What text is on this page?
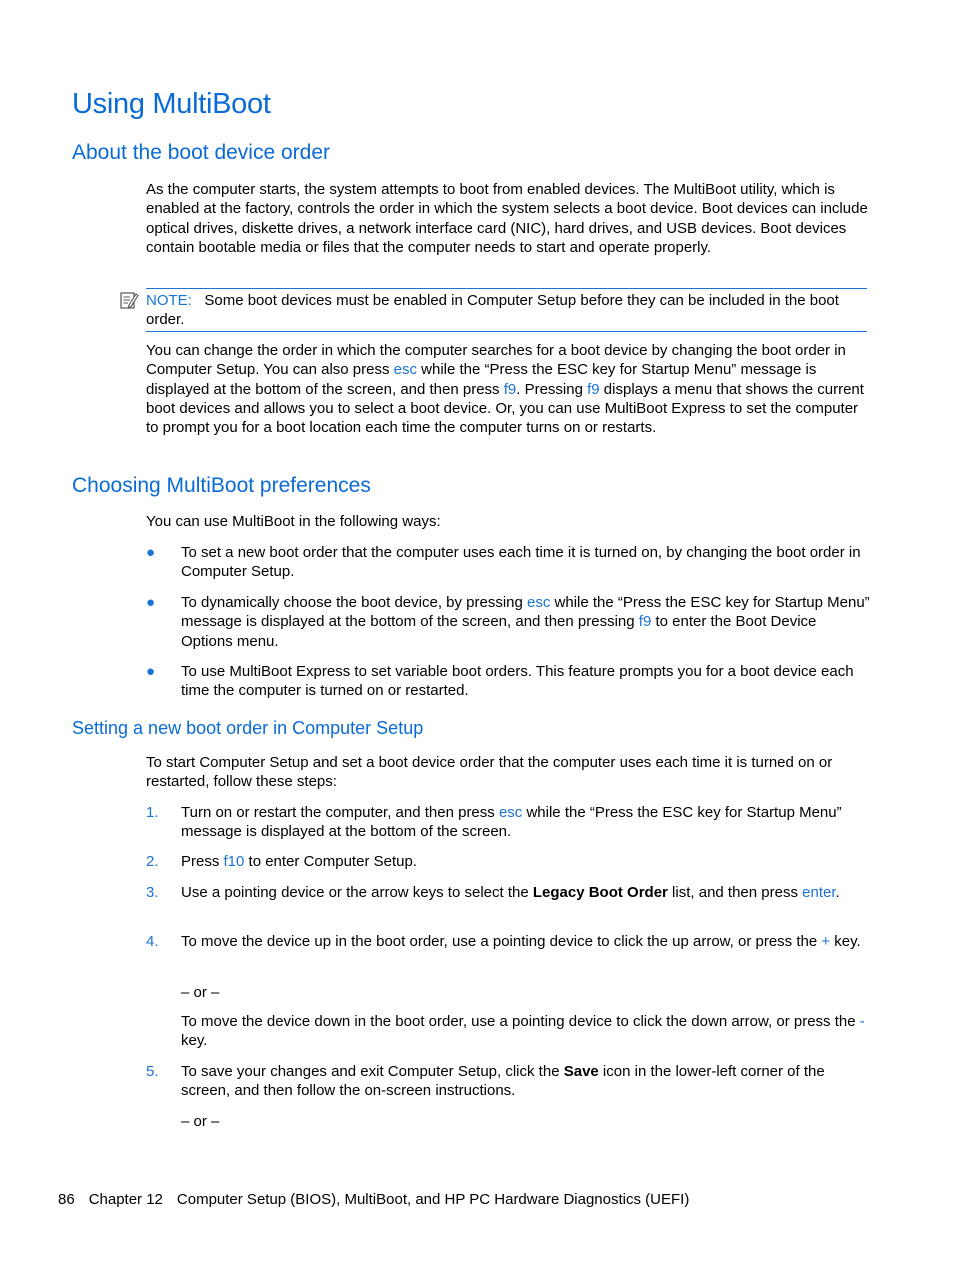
Using MultiBoot
About the boot device order

As the computer starts, the system attempts to boot from enabled devices. The MultiBoot utility, which is enabled at the factory, controls the order in which the system selects a boot device. Boot devices can include optical drives, diskette drives, a network interface card (NIC), hard drives, and USB devices. Boot devices contain bootable media or files that the computer needs to start and operate properly.

NOTE: Some boot devices must be enabled in Computer Setup before they can be included in the boot order.

You can change the order in which the computer searches for a boot device by changing the boot order in Computer Setup. You can also press esc while the “Press the ESC key for Startup Menu” message is displayed at the bottom of the screen, and then press f9. Pressing f9 displays a menu that shows the current boot devices and allows you to select a boot device. Or, you can use MultiBoot Express to set the computer to prompt you for a boot location each time the computer turns on or restarts.

Choosing MultiBoot preferences

You can use MultiBoot in the following ways:

● To set a new boot order that the computer uses each time it is turned on, by changing the boot order in Computer Setup.

● To dynamically choose the boot device, by pressing esc while the “Press the ESC key for Startup Menu” message is displayed at the bottom of the screen, and then pressing f9 to enter the Boot Device Options menu.

● To use MultiBoot Express to set variable boot orders. This feature prompts you for a boot device each time the computer is turned on or restarted.

Setting a new boot order in Computer Setup

To start Computer Setup and set a boot device order that the computer uses each time it is turned on or restarted, follow these steps:

1. Turn on or restart the computer, and then press esc while the “Press the ESC key for Startup Menu” message is displayed at the bottom of the screen.

2. Press f10 to enter Computer Setup.

3. Use a pointing device or the arrow keys to select the Legacy Boot Order list, and then press enter.

4. To move the device up in the boot order, use a pointing device to click the up arrow, or press the + key.

– or –

To move the device down in the boot order, use a pointing device to click the down arrow, or press the - key.

5. To save your changes and exit Computer Setup, click the Save icon in the lower-left corner of the screen, and then follow the on-screen instructions.

– or –

86 Chapter 12 Computer Setup (BIOS), MultiBoot, and HP PC Hardware Diagnostics (UEFI)
